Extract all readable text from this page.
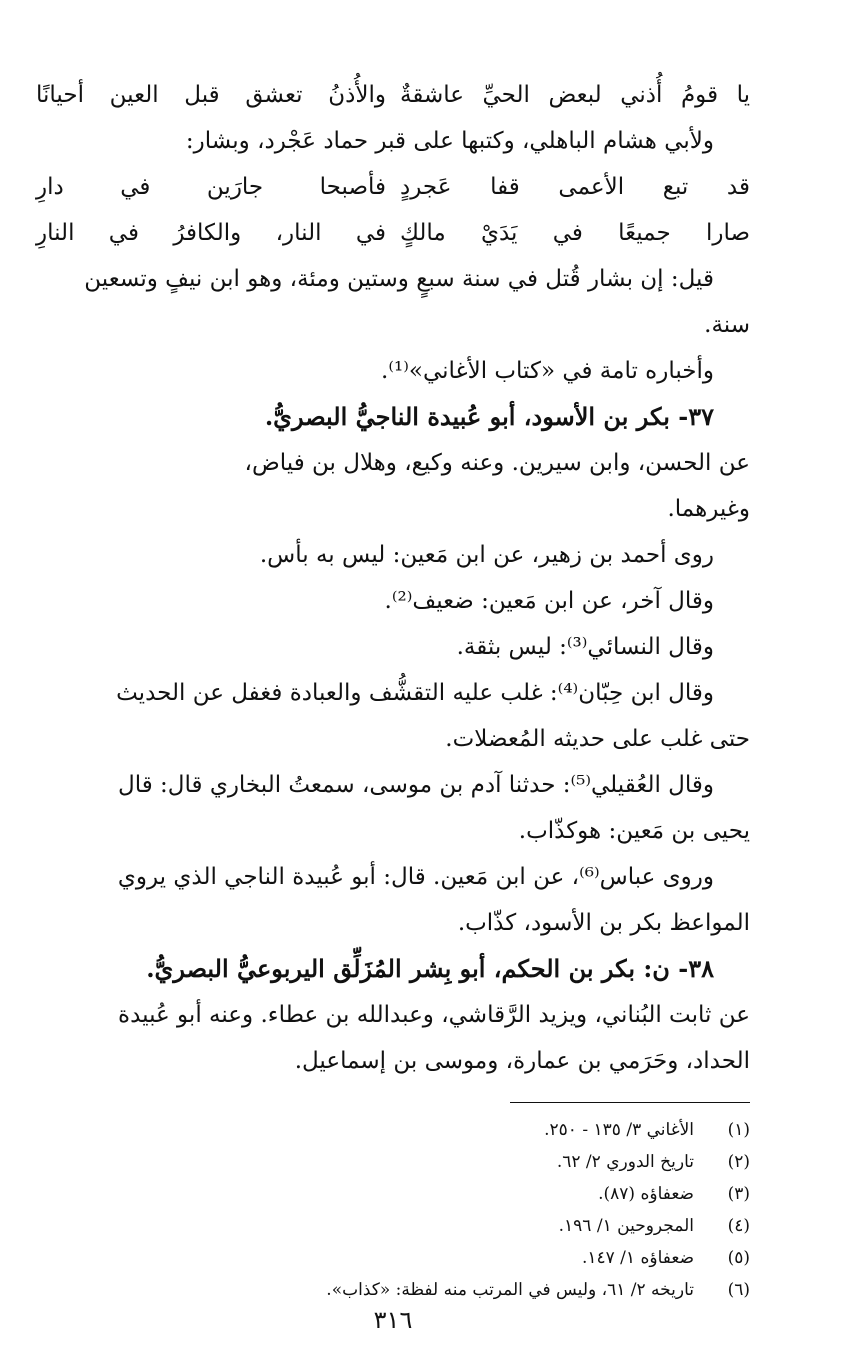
يا قومُ أُذني لبعض الحيِّ عاشقةٌ
والأُذنُ تعشق قبل العين أحيانًا
ولأبي هشام الباهلي، وكتبها على قبر حماد عَجْرد، وبشار:
قد تبع الأعمى قفا عَجردٍ
فأصبحا جارَين في دارِ
صارا جميعًا في يَدَيْ مالكٍ
في النار، والكافرُ في النارِ
قيل: إن بشار قُتل في سنة سبعٍ وستين ومئة، وهو ابن نيفٍ وتسعين
سنة.
وأخباره تامة في «كتاب الأغاني»⁽¹⁾.
٣٧- بكر بن الأسود، أبو عُبيدة الناجيُّ البصريُّ.
عن الحسن، وابن سيرين. وعنه وكيع، وهلال بن فياض،
وغيرهما.
روى أحمد بن زهير، عن ابن مَعين: ليس به بأس.
وقال آخر، عن ابن مَعين: ضعيف⁽²⁾.
وقال النسائي⁽³⁾: ليس بثقة.
وقال ابن حِبّان⁽⁴⁾: غلب عليه التقشُّف والعبادة فغفل عن الحديث
حتى غلب على حديثه المُعضلات.
وقال العُقيلي⁽⁵⁾: حدثنا آدم بن موسى، سمعتُ البخاري قال: قال
يحيى بن مَعين: هوكذّاب.
وروى عباس⁽⁶⁾، عن ابن مَعين. قال: أبو عُبيدة الناجي الذي يروي
المواعظ بكر بن الأسود، كذّاب.
٣٨- ن: بكر بن الحكم، أبو بِشر المُزَلِّق اليربوعيُّ البصريُّ.
عن ثابت البُناني، ويزيد الرَّقاشي، وعبدالله بن عطاء. وعنه أبو عُبيدة
الحداد، وحَرَمي بن عمارة، وموسى بن إسماعيل.
(١)الأغاني ٣/ ١٣٥ - ٢٥٠.
(٢)تاريخ الدوري ٢/ ٦٢.
(٣)ضعفاؤه (٨٧).
(٤)المجروحين ١/ ١٩٦.
(٥)ضعفاؤه ١/ ١٤٧.
(٦)تاريخه ٢/ ٦١، وليس في المرتب منه لفظة: «كذاب».
٣١٦
